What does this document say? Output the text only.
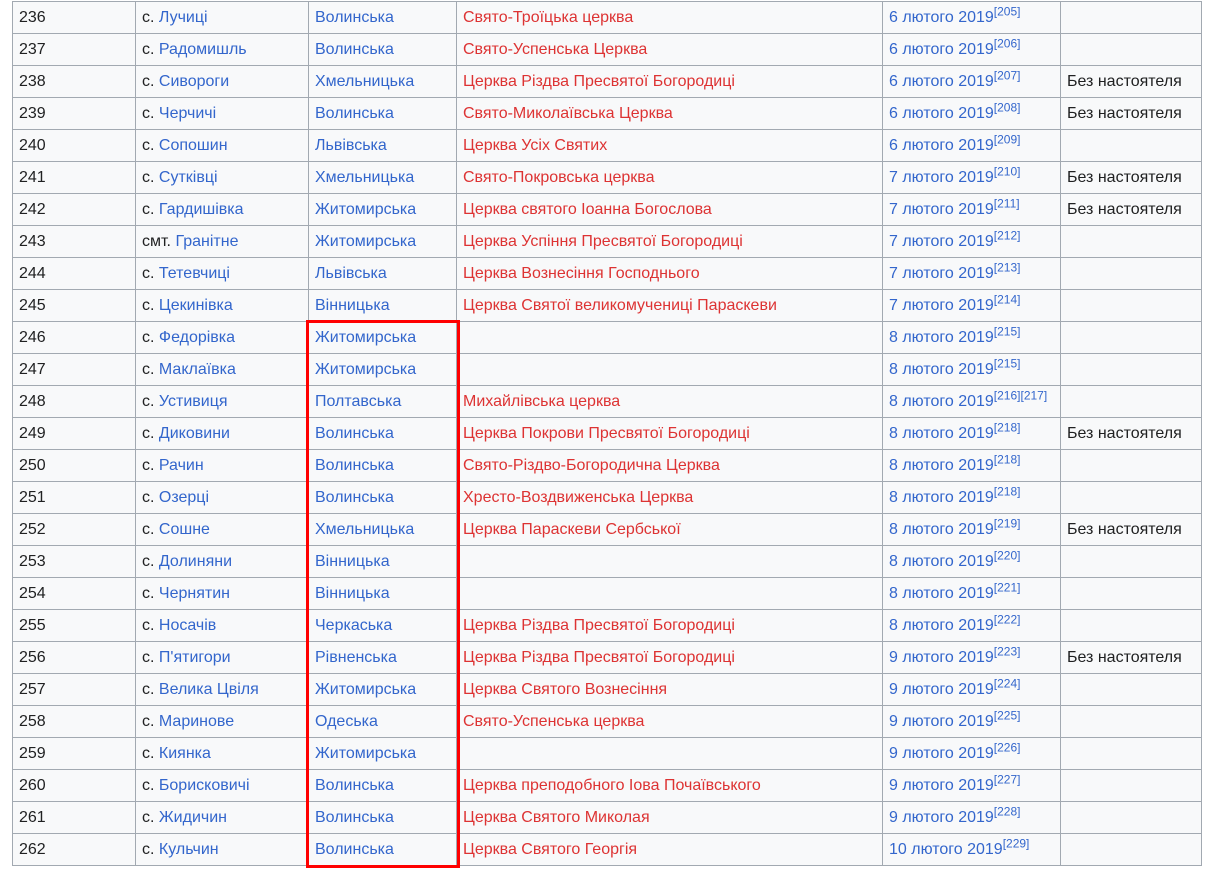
236	с. Лучиці	Волинська	Свято-Троїцька церква	6 лютого 2019[205]	
237	с. Радомишль	Волинська	Свято-Успенська Церква	6 лютого 2019[206]	
238	с. Сивороги	Хмельницька	Церква Різдва Пресвятої Богородиці	6 лютого 2019[207]	Без настоятеля
239	с. Черчичі	Волинська	Свято-Миколаївська Церква	6 лютого 2019[208]	Без настоятеля
240	с. Сопошин	Львівська	Церква Усіх Святих	6 лютого 2019[209]	
241	с. Сутківці	Хмельницька	Свято-Покровська церква	7 лютого 2019[210]	Без настоятеля
242	с. Гардишівка	Житомирська	Церква святого Іоанна Богослова	7 лютого 2019[211]	Без настоятеля
243	смт. Гранітне	Житомирська	Церква Успіння Пресвятої Богородиці	7 лютого 2019[212]	
244	с. Тетевчиці	Львівська	Церква Вознесіння Господнього	7 лютого 2019[213]	
245	с. Цекинівка	Вінницька	Церква Святої великомучениці Параскеви	7 лютого 2019[214]	
246	с. Федорівка	Житомирська		8 лютого 2019[215]	
247	с. Маклаївка	Житомирська		8 лютого 2019[215]	
248	с. Устивиця	Полтавська	Михайлівська церква	8 лютого 2019[216][217]	
249	с. Диковини	Волинська	Церква Покрови Пресвятої Богородиці	8 лютого 2019[218]	Без настоятеля
250	с. Рачин	Волинська	Свято-Різдво-Богородична Церква	8 лютого 2019[218]	
251	с. Озерці	Волинська	Хресто-Воздвиженська Церква	8 лютого 2019[218]	
252	с. Сошне	Хмельницька	Церква Параскеви Сербської	8 лютого 2019[219]	Без настоятеля
253	с. Долиняни	Вінницька		8 лютого 2019[220]	
254	с. Чернятин	Вінницька		8 лютого 2019[221]	
255	с. Носачів	Черкаська	Церква Різдва Пресвятої Богородиці	8 лютого 2019[222]	
256	с. П'ятигори	Рівненська	Церква Різдва Пресвятої Богородиці	9 лютого 2019[223]	Без настоятеля
257	с. Велика Цвіля	Житомирська	Церква Святого Вознесіння	9 лютого 2019[224]	
258	с. Маринове	Одеська	Свято-Успенська церква	9 лютого 2019[225]	
259	с. Киянка	Житомирська		9 лютого 2019[226]	
260	с. Борисковичі	Волинська	Церква преподобного Іова Почаївського	9 лютого 2019[227]	
261	с. Жидичин	Волинська	Церква Святого Миколая	9 лютого 2019[228]	
262	с. Кульчин	Волинська	Церква Святого Георгія	10 лютого 2019[229]	
